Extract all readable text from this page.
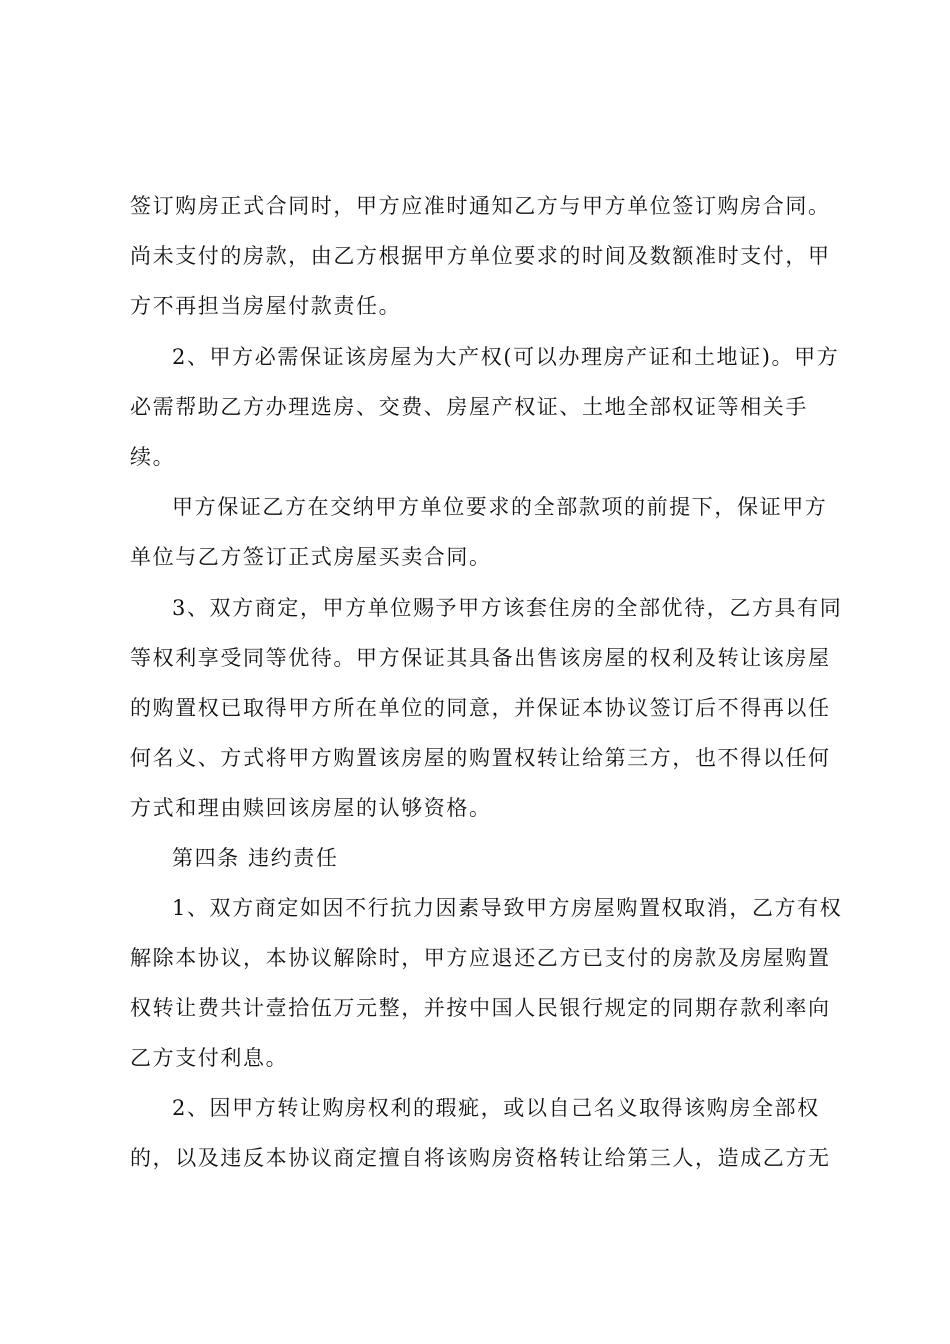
签订购房正式合同时，甲方应准时通知乙方与甲方单位签订购房合同。
尚未支付的房款，由乙方根据甲方单位要求的时间及数额准时支付，甲
方不再担当房屋付款责任。
2、甲方必需保证该房屋为大产权(可以办理房产证和土地证)。甲方
必需帮助乙方办理选房、交费、房屋产权证、土地全部权证等相关手
续。
甲方保证乙方在交纳甲方单位要求的全部款项的前提下，保证甲方
单位与乙方签订正式房屋买卖合同。
3、双方商定，甲方单位赐予甲方该套住房的全部优待，乙方具有同
等权利享受同等优待。甲方保证其具备出售该房屋的权利及转让该房屋
的购置权已取得甲方所在单位的同意，并保证本协议签订后不得再以任
何名义、方式将甲方购置该房屋的购置权转让给第三方，也不得以任何
方式和理由赎回该房屋的认够资格。
第四条 违约责任
1、双方商定如因不行抗力因素导致甲方房屋购置权取消，乙方有权
解除本协议，本协议解除时，甲方应退还乙方已支付的房款及房屋购置
权转让费共计壹拾伍万元整，并按中国人民银行规定的同期存款利率向
乙方支付利息。
2、因甲方转让购房权利的瑕疵，或以自己名义取得该购房全部权
的，以及违反本协议商定擅自将该购房资格转让给第三人，造成乙方无
